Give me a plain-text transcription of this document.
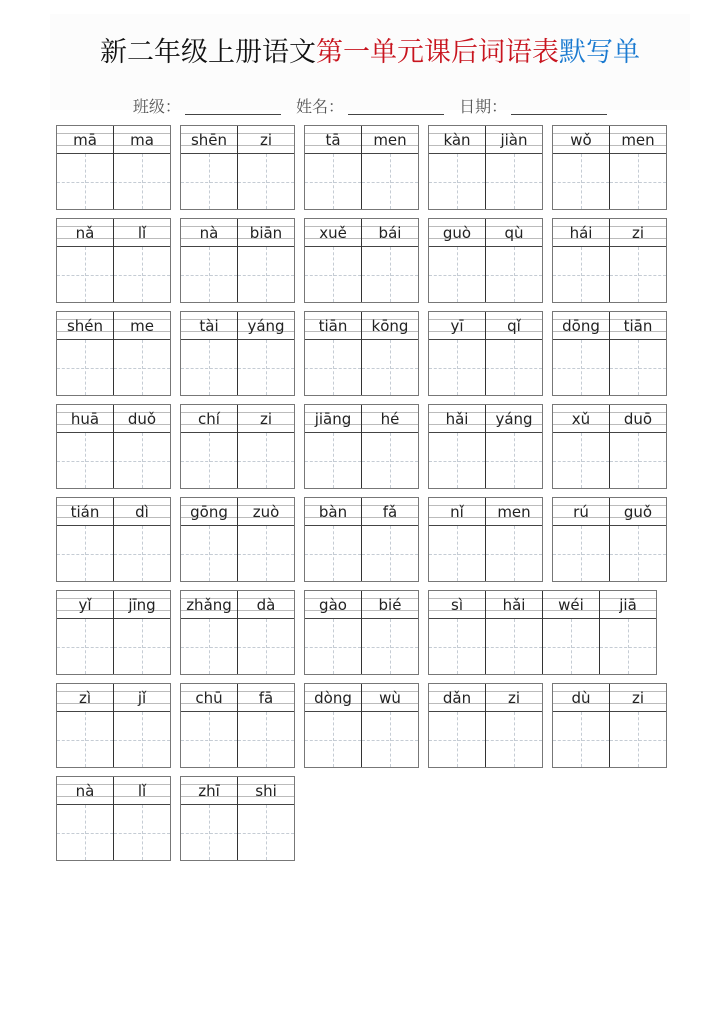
新二年级上册语文第一单元课后词语表默写单
班级：	姓名：	日期：
mā	ma	shēn	zi	tā	men	kàn	jiàn	wǒ	men
nǎ	lǐ	nà	biān	xuě	bái	guò	qù	hái	zi
shén	me	tài	yáng	tiān	kōng	yī	qǐ	dōng	tiān
huā	duǒ	chí	zi	jiāng	hé	hǎi	yáng	xǔ	duō
tián	dì	gōng	zuò	bàn	fǎ	nǐ	men	rú	guǒ
yǐ	jīng	zhǎng	dà	gào	bié	sì	hǎi	wéi	jiā
zì	jǐ	chū	fā	dòng	wù	dǎn	zi	dù	zi
nà	lǐ	zhī	shi
